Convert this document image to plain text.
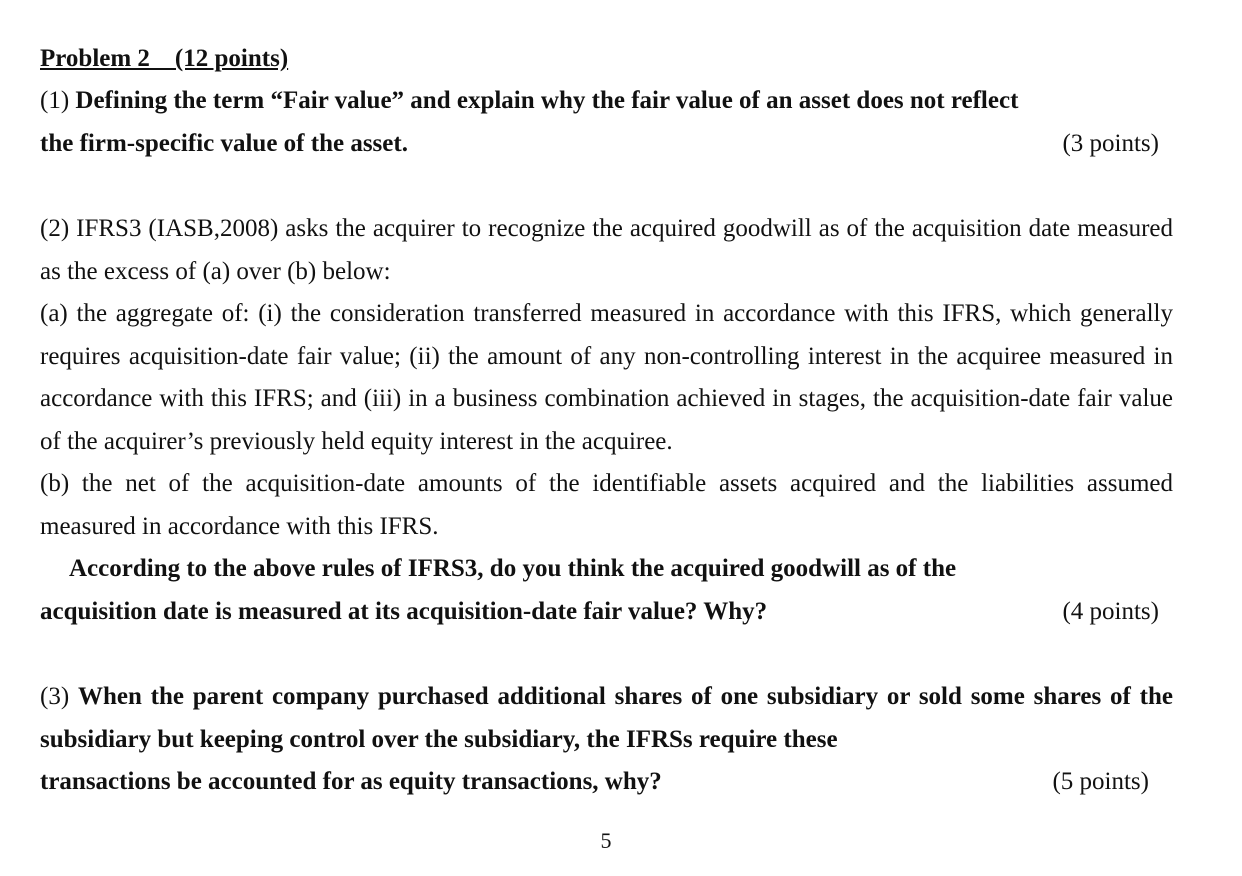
Problem 2    (12 points)

(1) Defining the term “Fair value” and explain why the fair value of an asset does not reflect

the firm-specific value of the asset.	(3 points)

(2) IFRS3 (IASB,2008) asks the acquirer to recognize the acquired goodwill as of the acquisition date measured as the excess of (a) over (b) below:

(a) the aggregate of: (i) the consideration transferred measured in accordance with this IFRS, which generally requires acquisition-date fair value; (ii) the amount of any non-controlling interest in the acquiree measured in accordance with this IFRS; and (iii) in a business combination achieved in stages, the acquisition-date fair value of the acquirer’s previously held equity interest in the acquiree.

(b) the net of the acquisition-date amounts of the identifiable assets acquired and the liabilities assumed measured in accordance with this IFRS.

According to the above rules of IFRS3, do you think the acquired goodwill as of the

acquisition date is measured at its acquisition-date fair value? Why?	(4 points)

(3) When the parent company purchased additional shares of one subsidiary or sold some shares of the subsidiary but keeping control over the subsidiary, the IFRSs require these

transactions be accounted for as equity transactions, why?	(5 points)
5
